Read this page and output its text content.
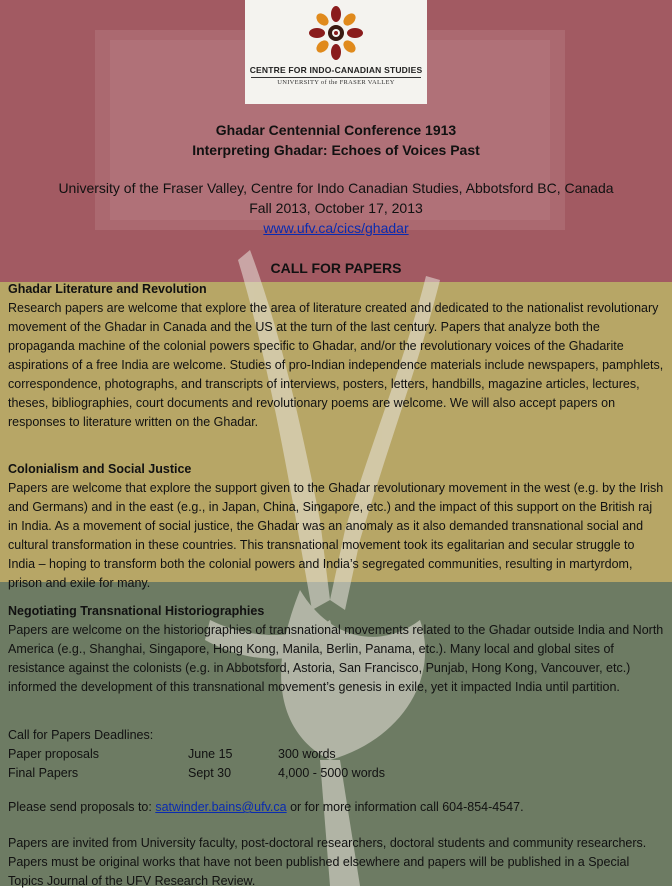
CENTRE FOR INDO-CANADIAN STUDIES
UNIVERSITY of the FRASER VALLEY
Ghadar Centennial Conference 1913
Interpreting Ghadar: Echoes of Voices Past
University of the Fraser Valley, Centre for Indo Canadian Studies, Abbotsford BC, Canada
Fall 2013, October 17, 2013
www.ufv.ca/cics/ghadar
CALL FOR PAPERS
Ghadar Literature and Revolution

Research papers are welcome that explore the area of literature created and dedicated to the nationalist revolutionary movement of the Ghadar in Canada and the US at the turn of the last century. Papers that analyze both the propaganda machine of the colonial powers specific to Ghadar, and/or the revolutionary voices of the Ghadarite aspirations of a free India are welcome. Studies of pro-Indian independence materials include newspapers, pamphlets, correspondence, photographs, and transcripts of interviews, posters, letters, handbills, magazine articles, lectures, theses, bibliographies, court documents and revolutionary poems are welcome. We will also accept papers on responses to literature written on the Ghadar.

Colonialism and Social Justice

Papers are welcome that explore the support given to the Ghadar revolutionary movement in the west (e.g. by the Irish and Germans) and in the east (e.g., in Japan, China, Singapore, etc.) and the impact of this support on the British raj in India. As a movement of social justice, the Ghadar was an anomaly as it also demanded transnational social and cultural transformation in these countries. This transnational movement took its egalitarian and secular struggle to India – hoping to transform both the colonial powers and India’s segregated communities, resulting in martyrdom, prison and exile for many.

Negotiating Transnational Historiographies

Papers are welcome on the historiographies of transnational movements related to the Ghadar outside India and North America (e.g., Shanghai, Singapore, Hong Kong, Manila, Berlin, Panama, etc.). Many local and global sites of resistance against the colonists (e.g. in Abbotsford, Astoria, San Francisco, Punjab, Hong Kong, Vancouver, etc.) informed the development of this transnational movement’s genesis in exile, yet it impacted India until partition.

Call for Papers Deadlines:
Paper proposals	June 15	300 words
Final Papers	Sept 30	4,000 - 5000 words
Please send proposals to: satwinder.bains@ufv.ca or for more information call 604-854-4547.
Papers are invited from University faculty, post-doctoral researchers, doctoral students and community researchers. Papers must be original works that have not been published elsewhere and papers will be published in a Special Topics Journal of the UFV Research Review.
